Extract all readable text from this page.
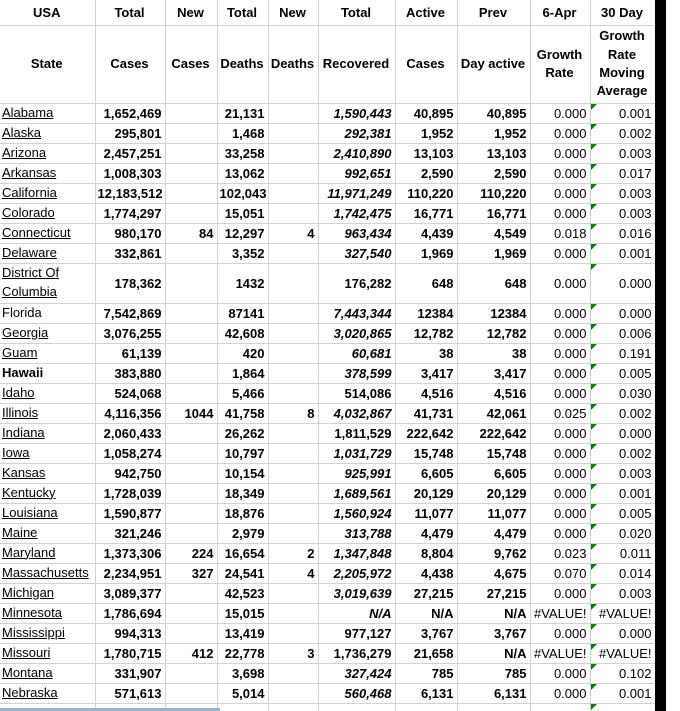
USA	Total	New	Total	New	Total	Active	Prev	6-Apr	30 Day
State	Cases	Cases	Deaths	Deaths	Recovered	Cases	Day active	Growth Rate	Growth Rate Moving Average
Alabama	1,652,469		21,131		1,590,443	40,895	40,895	0.000	0.001
Alaska	295,801		1,468		292,381	1,952	1,952	0.000	0.002
Arizona	2,457,251		33,258		2,410,890	13,103	13,103	0.000	0.003
Arkansas	1,008,303		13,062		992,651	2,590	2,590	0.000	0.017
California	12,183,512		102,043		11,971,249	110,220	110,220	0.000	0.003
Colorado	1,774,297		15,051		1,742,475	16,771	16,771	0.000	0.003
Connecticut	980,170	84	12,297	4	963,434	4,439	4,549	0.018	0.016
Delaware	332,861		3,352		327,540	1,969	1,969	0.000	0.001
District Of Columbia	178,362		1432		176,282	648	648	0.000	0.000
Florida	7,542,869		87141		7,443,344	12384	12384	0.000	0.000
Georgia	3,076,255		42,608		3,020,865	12,782	12,782	0.000	0.006
Guam	61,139		420		60,681	38	38	0.000	0.191
Hawaii	383,880		1,864		378,599	3,417	3,417	0.000	0.005
Idaho	524,068		5,466		514,086	4,516	4,516	0.000	0.030
Illinois	4,116,356	1044	41,758	8	4,032,867	41,731	42,061	0.025	0.002
Indiana	2,060,433		26,262		1,811,529	222,642	222,642	0.000	0.000
Iowa	1,058,274		10,797		1,031,729	15,748	15,748	0.000	0.002
Kansas	942,750		10,154		925,991	6,605	6,605	0.000	0.003
Kentucky	1,728,039		18,349		1,689,561	20,129	20,129	0.000	0.001
Louisiana	1,590,877		18,876		1,560,924	11,077	11,077	0.000	0.005
Maine	321,246		2,979		313,788	4,479	4,479	0.000	0.020
Maryland	1,373,306	224	16,654	2	1,347,848	8,804	9,762	0.023	0.011
Massachusetts	2,234,951	327	24,541	4	2,205,972	4,438	4,675	0.070	0.014
Michigan	3,089,377		42,523		3,019,639	27,215	27,215	0.000	0.003
Minnesota	1,786,694		15,015		N/A	N/A	N/A	#VALUE!	#VALUE!
Mississippi	994,313		13,419		977,127	3,767	3,767	0.000	0.000
Missouri	1,780,715	412	22,778	3	1,736,279	21,658	N/A	#VALUE!	#VALUE!
Montana	331,907		3,698		327,424	785	785	0.000	0.102
Nebraska	571,613		5,014		560,468	6,131	6,131	0.000	0.001
